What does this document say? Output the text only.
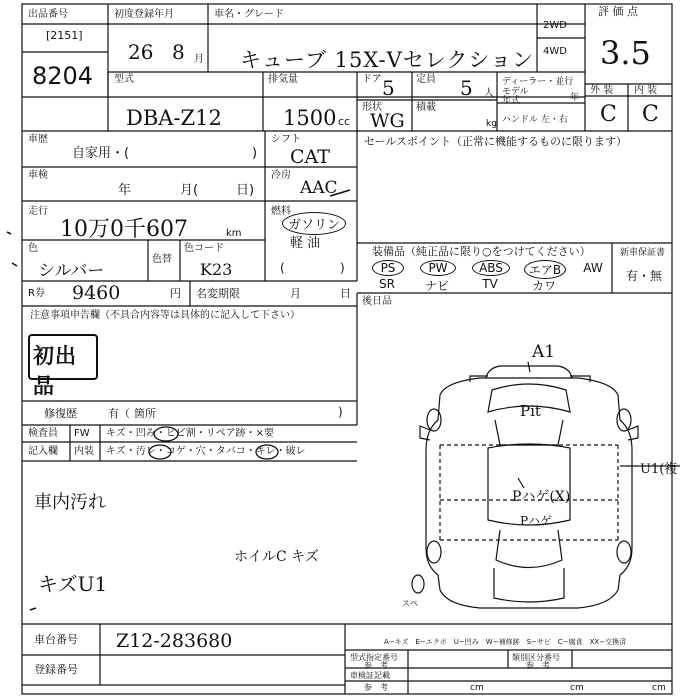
出品番号
[2151]
8204
初度登録年月
26 8 月
車名・グレード
キューブ 15X-Ⅴセレクション
2WD
4WD
評 価 点
3.5
外 装 内 装
C C
型式
DBA-Z12
排気量
1500 cc
ドア 5 定員 5 人
形状
WG
積載
kg
ディーラー・並行
モデル年式	年
ハンドル 左・右
車歴
自家用・(	)
シフト
CAT
セールスポイント（正常に機能するものに限ります）
車検
年	月(	日)
冷房
AAC
走行
10万0千607	km
燃料
ガソリン
軽 油
(	)
色
シルバー
色替
色コード
K23
装備品（純正品に限り○をつけてください）
PS	PW	ABS	エアB	AW
SR	ナビ	TV	カワ
新車保証書
有・無
R券 9460	円 名変期限	月	日
後日品
注意事項申告欄（不具合内容等は具体的に記入して下さい）
初出品
修復歴	有（ 箇所	)
検査員
記入欄
FW キズ・凹み・ヒビ割・リペア跡・×要
内装 キズ・汚レ・コゲ・穴・タバコ・キレ・破レ
車内汚れ
ホイルC キズ
キズU1
A1
Pit
U1(複
Pハゲ(X)
Pハゲ
スペ
車台番号 Z12-283680
登録番号
A−キズ　E−エクボ　U−凹み　W−補修跡　S−サビ　C−腐食　XX−交換済
型式指定番号
参　考
類別区分番号
参　考
車検証記載
参　考	cm	cm	cm
